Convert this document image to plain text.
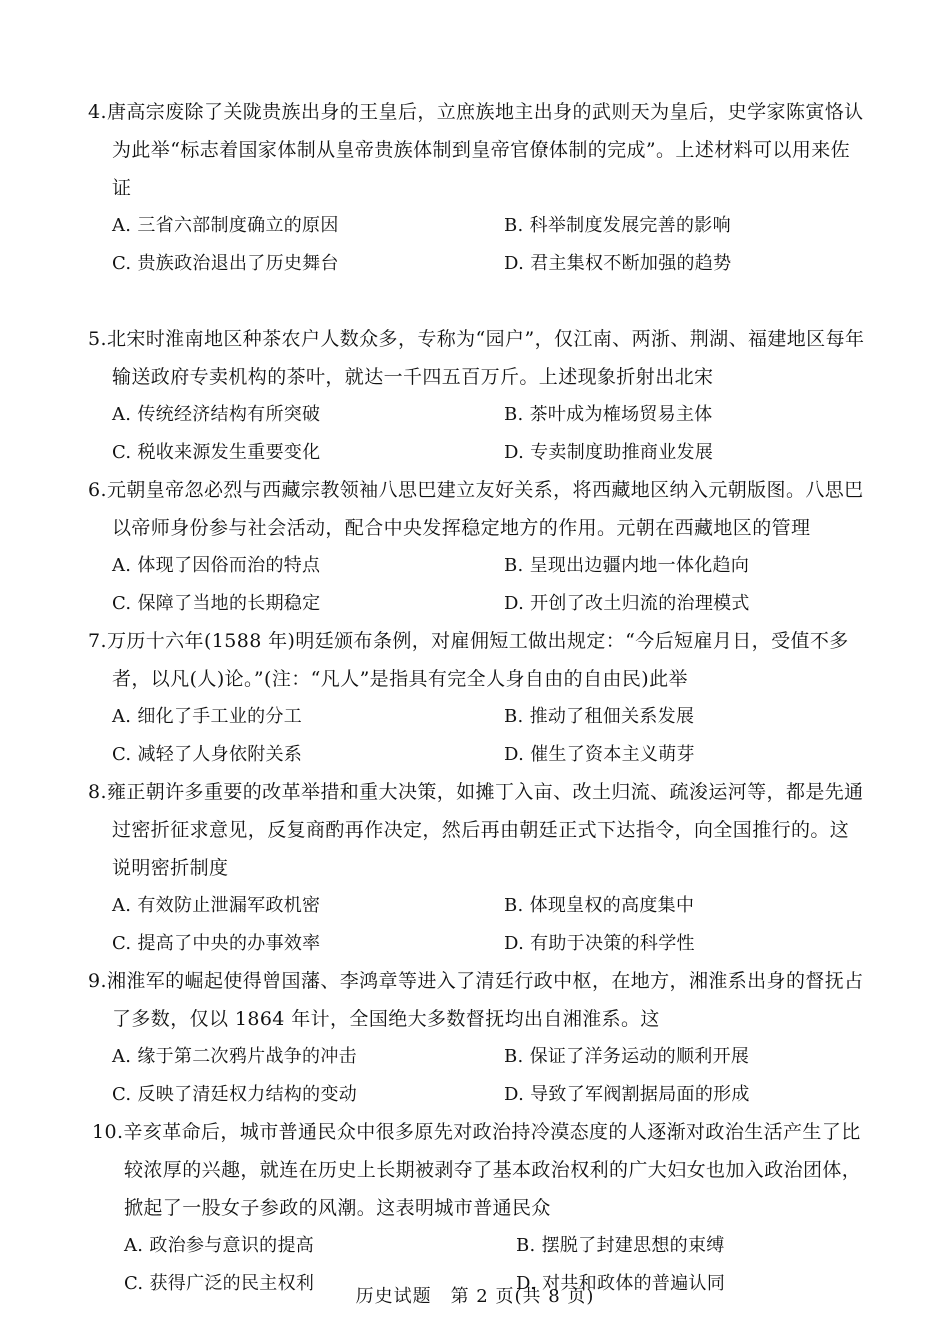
4.唐高宗废除了关陇贵族出身的王皇后，立庶族地主出身的武则天为皇后，史学家陈寅恪认为此举“标志着国家体制从皇帝贵族体制到皇帝官僚体制的完成”。上述材料可以用来佐证

A. 三省六部制度确立的原因	B. 科举制度发展完善的影响
C. 贵族政治退出了历史舞台	D. 君主集权不断加强的趋势

5.北宋时淮南地区种茶农户人数众多，专称为“园户”，仅江南、两浙、荆湖、福建地区每年输送政府专卖机构的茶叶，就达一千四五百万斤。上述现象折射出北宋

A. 传统经济结构有所突破	B. 茶叶成为榷场贸易主体
C. 税收来源发生重要变化	D. 专卖制度助推商业发展

6.元朝皇帝忽必烈与西藏宗教领袖八思巴建立友好关系，将西藏地区纳入元朝版图。八思巴以帝师身份参与社会活动，配合中央发挥稳定地方的作用。元朝在西藏地区的管理

A. 体现了因俗而治的特点	B. 呈现出边疆内地一体化趋向
C. 保障了当地的长期稳定	D. 开创了改土归流的治理模式

7.万历十六年(1588 年)明廷颁布条例，对雇佣短工做出规定：“今后短雇月日，受值不多者，以凡(人)论。”(注：“凡人”是指具有完全人身自由的自由民)此举

A. 细化了手工业的分工	B. 推动了租佃关系发展
C. 减轻了人身依附关系	D. 催生了资本主义萌芽

8.雍正朝许多重要的改革举措和重大决策，如摊丁入亩、改土归流、疏浚运河等，都是先通过密折征求意见，反复商酌再作决定，然后再由朝廷正式下达指令，向全国推行的。这说明密折制度

A. 有效防止泄漏军政机密	B. 体现皇权的高度集中
C. 提高了中央的办事效率	D. 有助于决策的科学性

9.湘淮军的崛起使得曾国藩、李鸿章等进入了清廷行政中枢，在地方，湘淮系出身的督抚占了多数，仅以 1864 年计，全国绝大多数督抚均出自湘淮系。这

A. 缘于第二次鸦片战争的冲击	B. 保证了洋务运动的顺利开展
C. 反映了清廷权力结构的变动	D. 导致了军阀割据局面的形成

10.辛亥革命后，城市普通民众中很多原先对政治持冷漠态度的人逐渐对政治生活产生了比较浓厚的兴趣，就连在历史上长期被剥夺了基本政治权利的广大妇女也加入政治团体，掀起了一股女子参政的风潮。这表明城市普通民众

A. 政治参与意识的提高	B. 摆脱了封建思想的束缚
C. 获得广泛的民主权利	D. 对共和政体的普遍认同
历史试题　第 2 页(共 8 页)
